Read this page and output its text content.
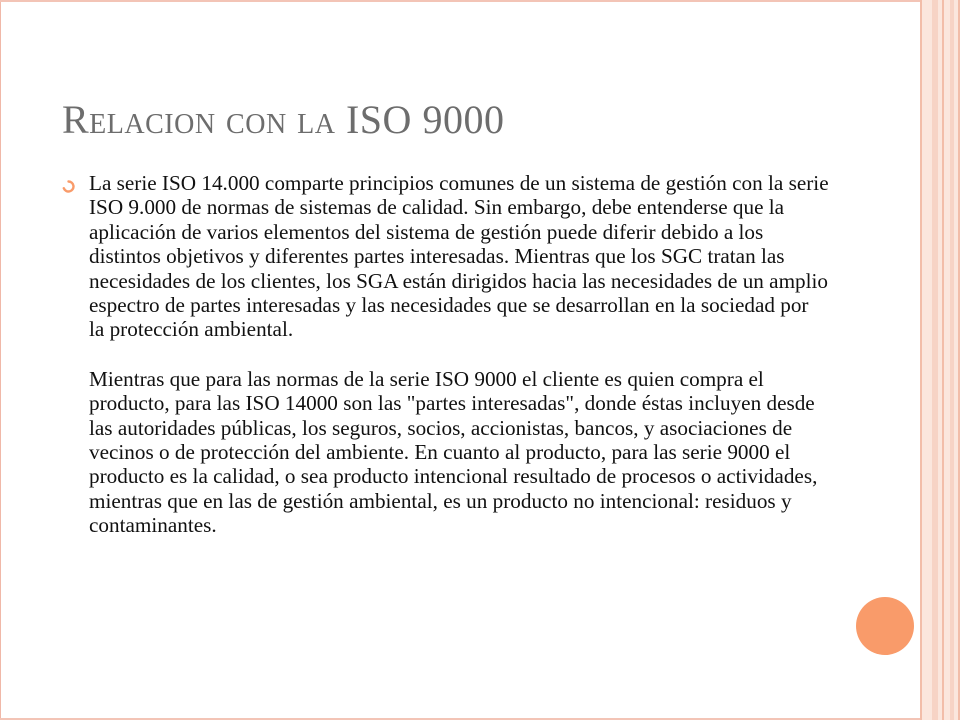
Relacion con la ISO 9000

La serie ISO 14.000 comparte principios comunes de un sistema de gestión con la serie ISO 9.000 de normas de sistemas de calidad. Sin embargo, debe entenderse que la aplicación de varios elementos del sistema de gestión puede diferir debido a los distintos objetivos y diferentes partes interesadas. Mientras que los SGC tratan las necesidades de los clientes, los SGA están dirigidos hacia las necesidades de un amplio espectro de partes interesadas y las necesidades que se desarrollan en la sociedad por la protección ambiental.

Mientras que para las normas de la serie ISO 9000 el cliente es quien compra el producto, para las ISO 14000 son las "partes interesadas", donde éstas incluyen desde las autoridades públicas, los seguros, socios, accionistas, bancos, y asociaciones de vecinos o de protección del ambiente. En cuanto al producto, para las serie 9000 el producto es la calidad, o sea producto intencional resultado de procesos o actividades, mientras que en las de gestión ambiental, es un producto no intencional: residuos y contaminantes.
